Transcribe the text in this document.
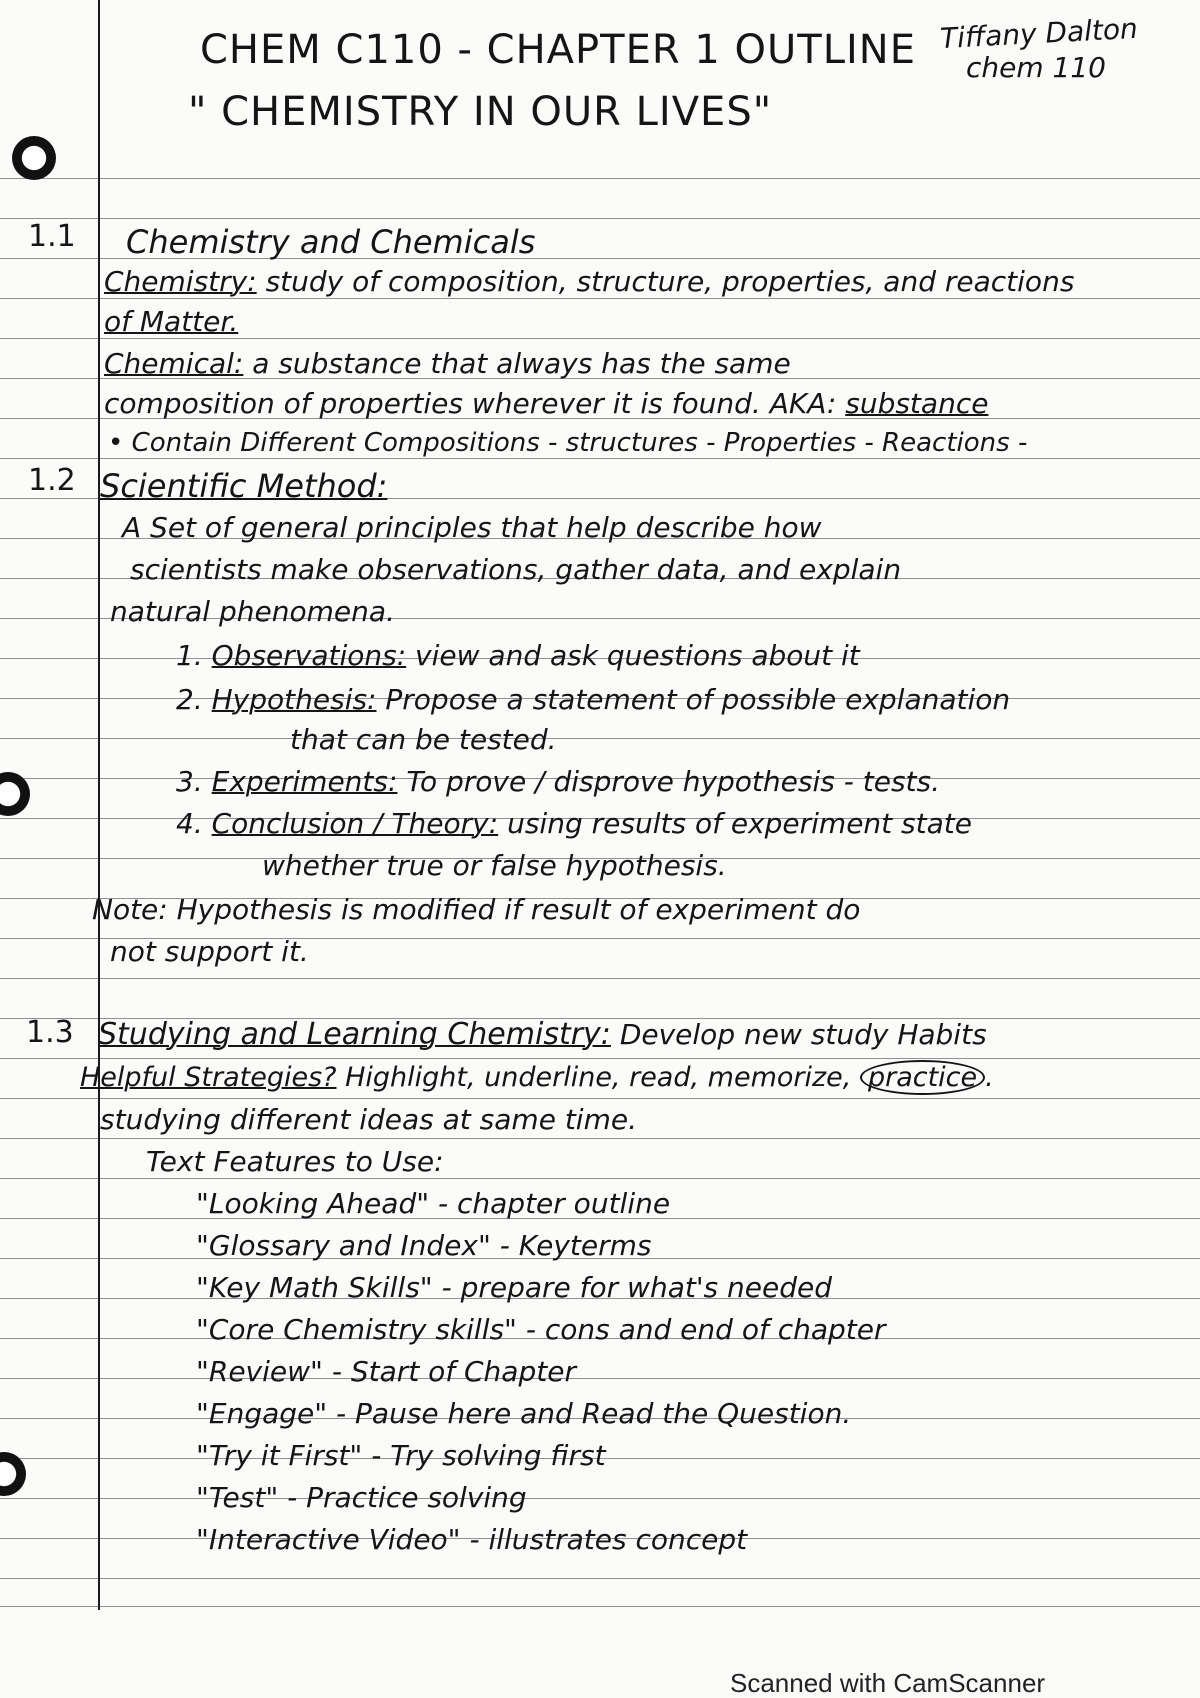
CHEM C110 - CHAPTER 1 OUTLINE
" CHEMISTRY IN OUR LIVES"
Tiffany Dalton
chem 110
1.1 Chemistry and Chemicals
Chemistry: study of composition, structure, properties, and reactions
of Matter.
Chemical: a substance that always has the same
composition of properties wherever it is found. AKA: substance
• Contain Different Compositions - structures - Properties - Reactions -
1.2 Scientific Method:
A Set of general principles that help describe how
scientists make observations, gather data, and explain
natural phenomena.
1. Observations: view and ask questions about it
2. Hypothesis: Propose a statement of possible explanation
that can be tested.
3. Experiments: To prove / disprove hypothesis - tests.
4. Conclusion / Theory: using results of experiment state
whether true or false hypothesis.
Note: Hypothesis is modified if result of experiment do
not support it.
1.3 Studying and Learning Chemistry: Develop new study Habits
Helpful Strategies? Highlight, underline, read, memorize, practice .
studying different ideas at same time.
Text Features to Use:
"Looking Ahead" - chapter outline
"Glossary and Index" - Keyterms
"Key Math Skills" - prepare for what's needed
"Core Chemistry skills" - cons and end of chapter
"Review" - Start of Chapter
"Engage" - Pause here and Read the Question.
"Try it First" - Try solving first
"Test" - Practice solving
"Interactive Video" - illustrates concept
Scanned with CamScanner
